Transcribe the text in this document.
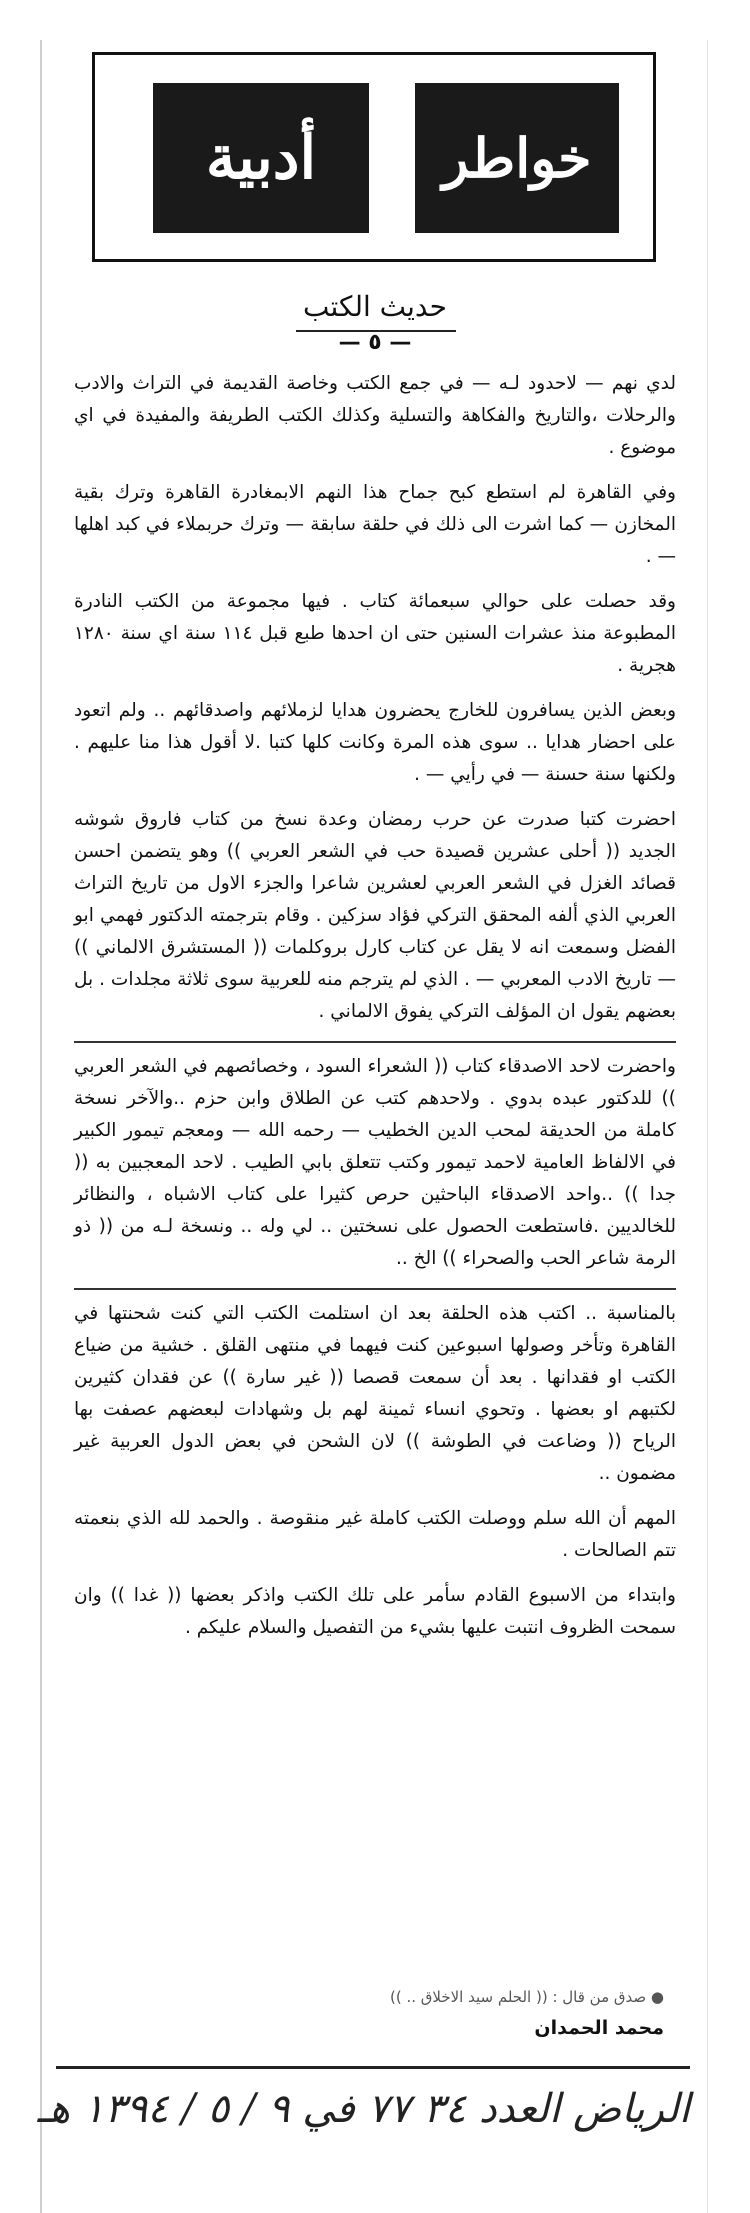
خواطر
أدبية
حديث الكتب
— ٥ —

لدي نهم — لاحدود لـه — في جمع الكتب وخاصة القديمة في التراث والادب والرحلات ،والتاريخ والفكاهة والتسلية وكذلك الكتب الطريفة والمفيدة في اي موضوع .

وفي القاهرة لم استطع كبح جماح هذا النهم الابمغادرة القاهرة وترك بقية المخازن — كما اشرت الى ذلك في حلقة سابقة — وترك حربملاء في كبد اهلها — .

وقد حصلت على حوالي سبعمائة كتاب . فيها مجموعة من الكتب النادرة المطبوعة منذ عشرات السنين حتى ان احدها طبع قبل ١١٤ سنة اي سنة ١٢٨٠ هجرية .

وبعض الذين يسافرون للخارج يحضرون هدايا لزملائهم واصدقائهم .. ولم اتعود على احضار هدايا .. سوى هذه المرة وكانت كلها كتبا .لا أقول هذا منا عليهم . ولكنها سنة حسنة — في رأيي — .

احضرت كتبا صدرت عن حرب رمضان وعدة نسخ من كتاب فاروق شوشه الجديد (( أحلى عشرين قصيدة حب في الشعر العربي )) وهو يتضمن احسن قصائد الغزل في الشعر العربي لعشرين شاعرا والجزء الاول من تاريخ التراث العربي الذي ألفه المحقق التركي فؤاد سزكين . وقام بترجمته الدكتور فهمي ابو الفضل وسمعت انه لا يقل عن كتاب كارل بروكلمات (( المستشرق الالماني )) — تاريخ الادب المعربي — . الذي لم يترجم منه للعربية سوى ثلاثة مجلدات . بل بعضهم يقول ان المؤلف التركي يفوق الالماني .

واحضرت لاحد الاصدقاء كتاب (( الشعراء السود ، وخصائصهم في الشعر العربي )) للدكتور عبده بدوي . ولاحدهم كتب عن الطلاق وابن حزم ..والآخر نسخة كاملة من الحديقة لمحب الدين الخطيب — رحمه الله — ومعجم تيمور الكبير في الالفاظ العامية لاحمد تيمور وكتب تتعلق بابي الطيب . لاحد المعجبين به (( جدا )) ..واحد الاصدقاء الباحثين حرص كثيرا على كتاب الاشباه ، والنظائر للخالديين .فاستطعت الحصول على نسختين .. لي وله .. ونسخة لـه من (( ذو الرمة شاعر الحب والصحراء )) الخ ..

بالمناسبة .. اكتب هذه الحلقة بعد ان استلمت الكتب التي كنت شحنتها في القاهرة وتأخر وصولها اسبوعين كنت فيهما في منتهى القلق . خشية من ضياع الكتب او فقدانها . بعد أن سمعت قصصا (( غير سارة )) عن فقدان كثيرين لكتبهم او بعضها . وتحوي انساء ثمينة لهم بل وشهادات لبعضهم عصفت بها الرياح (( وضاعت في الطوشة )) لان الشحن في بعض الدول العربية غير مضمون ..

المهم أن الله سلم ووصلت الكتب كاملة غير منقوصة . والحمد لله الذي بنعمته تتم الصالحات .

وابتداء من الاسبوع القادم سأمر على تلك الكتب واذكر بعضها (( غدا )) وان سمحت الظروف انتبت عليها بشيء من التفصيل والسلام عليكم .

● صدق من قال : (( الحلم سيد الاخلاق .. ))
محمد الحمدان
الرياض العدد ٣٤ ٧٧ في ٩ / ٥ / ١٣٩٤ هـ
